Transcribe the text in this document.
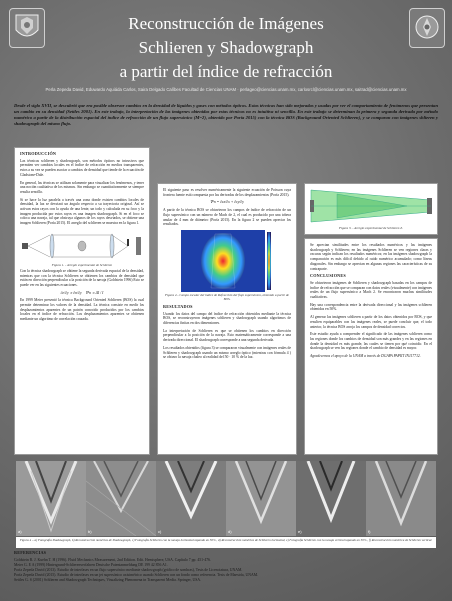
Reconstrucción de Imágenes
Schlieren y Shadowgraph
a partir del índice de refracción
Perla Zepeda David, Eduwardo Aquiáda Carlos, Saira Delgado Calíbes Facultad de Ciencias UNAM · perlageo@ciencias.unam.mx, carlosrcl@ciencias.unam.mx, saitrad@ciencias.unam.mx
Desde el siglo XVII, se descubrió que era posible observar cambios en la densidad de líquidos y gases con métodos ópticos. Estas técnicas han sido mejoradas y usadas por ver el comportamiento de fenómenos que presentan un cambio en su densidad (Settles 2001). En este trabajo, la interpretación de las imágenes obtenidas por estas técnicas no es intuitiva ni sencilla. En este trabajo se determinan la primera y segunda derivada por método numérico a partir de la distribución espacial del índice de refracción de un flujo supersónico (M=2), obtenido por Poría 2015) con la técnica BOS (Background Oriented Schlieren), y se comparan con imágenes shlieren y shadowgraph del mismo flujo.
INTRODUCCIÓN

Las técnicas schlieren y shadowgraph, son métodos ópticos no intrusivos que permiten ver cambios locales en el índice de refracción en medios transparentes, estos a su vez se pueden asociar a cambios de densidad que tiende de la ecuación de Gladstone-Dale.

En general, las técnicas se utilizan solamente para visualizar los fenómenos, y tener una noción cualitativa de los mismos. Sin embargo se cuantitativamente se siempre resulta sencillo.

Si se hace la luz paralela a través una zona donde existen cambios locales de densidad, la luz se desviará un ángulo respecto a su trayectoria original. Así se activan estos rayos con la ayuda de una lente, un todo y calculada en su foco y la imagen producida por estos rayos es una imagen shadowgraph. Si en el foco se coloca una navaja, tal que obstruya algunos de los rayos desviados, se obtiene una imagen Schlieren (Poría 2015). El arreglo del schlieren se muestra en la figura 1.

Figura 1. - Arreglo experimental de Schlieren

Con la técnica shadowgraph se obtiene la segunda derivada espacial de la densidad, mientras que con la técnica Schlieren se obtienen los cambios de densidad que están en dirección perpendicular a la posición de la navaja (Goldstein 1996) Esto se puede ver en las siguientes ecuaciones.

∂ε/∂y ∝ ∂n/∂y ∇²n ∝ ΔI / I

En 1999 Meier presentó la técnica Background Oriented Schlieren (BOS) la cual permite determinar los valores de la densidad. La técnica consiste en medir los desplazamientos aparentes de un patrón conocido producidos por los cambios locales en el índice de refracción. Los desplazamientos aparentes se obtienen mediante un algoritmo de correlación cruzada.

El siguiente paso es resolver numéricamente la siguiente ecuación de Poisson cuya frontera fuente está compuesta por las derivadas de los desplazamientos (Poría 2015).

∇²n = ∂εx/∂x + ∂εy/∂y

A partir de la técnica BOS se obtuvieron los campos de índice de refracción de un flujo supersónico con un número de Mach de 2, el cual es producido por una tobera anular de 4 mm de diámetro (Poría 2015). En la figura 2 se pueden apreciar los resultados.

Figura 2.- Campo escalar del índice de Refracción del flujo supersónico, obtenido a partir de BOS.
RESULTADOS

Usando los datos del campo del índice de refracción obtenidos mediante la técnica BOS, se reconstruyeron imágenes schlieren y shadowgraph usando algoritmos de diferencias finitas en dos dimensiones.

La interpretación de Schlieren es que se obtienen los cambios en dirección perpendicular a la posición de la navaja. Esto matemáticamente corresponde a una derivada direccional. El shadowgraph corresponde a una segunda derivada.

Los resultados obtenidos (figura 3) se compararon visualmente con imágenes reales de Schlieren y shadowgraph usando un mismo arreglo óptico (mientras con fórmula 4 ) se obtuvo la navaja chaleo al realidad del 50 · 10 % de la luz.

Figura 3. - Arreglo experimental de Schlieren Z.

Se aprecian similitudes entre los resultados numéricos y las imágenes shadowgraph y Schlieren; en las imágenes Schlieren se ven regiones claras y oscuras según indican los resultados numéricos; en las imágenes shadowgraph la comparación es más difícil debido al ruido numérico acumulado; como líneas diagonales. Sin embargo se aprecian en algunas regiones las características de su contraparte.

CONCLUSIONES

Se obtuvieron imágenes de Schlieren y shadowgraph basadas en los campos de índice de refracción que se comparan con datos reales (visualmente) con imágenes reales de un flujo supersónico a Mach 2. Se encontraron muchas similitudes cualitativas.

Hay una correspondencia entre la derivada direccional y las imágenes schlieren obtenidas en 50%.

Al generar las imágenes schlieren a partir de los datos obtenidos por BOS, y que resulten equiparables con las imágenes reales, se puede concluir que, el todo anterior, la técnica BOS arroja los campos de densidad correctos.

Este estudio ayuda a comprender el significado de las imágenes schlieren como las regiones donde los cambios de densidad son más grandes y en las regiones en donde la densidad es más grande, las cuales se tienen por qué coincidir. En el shadowgraph se ven las regiones donde el cambio de densidad es mayor.

Agradecemos el apoyo de la UNAM a través de DGAPA PAPIIT IN117712.

a)	b)	c)	d)	e)	f)
Figura 4 .- a) Fotografía Shadowgraph, b) Reconstrucción numérica de Shadowgraph, c) Fotografía Schlieren con la navaja horizontal tapando un 50% , d) Reconstrucción numérica de Schlieren horizontal, e) Fotografía Schlieren con la navaja vertical tapando un 50% , f) Reconstrucción numérica de Schlieren vertical.
REFERENCIAS
Goldstein R. J. Kuehn T. H (1996). Fluid Mechanics Measurement, 2nd Edition. Edit. Hemisphere, USA. Capítulo 7 pp. 451-476.
Meier G. E A (1999) Hintergrund-Schlierenverfahren Deutsche Patentanmeldung DE 199 42 856 A1.
Poría Zepeda David (2013). Estudio de interfases en un flujo supersónico mediante shadowgraph (gráfico de sombras), Tesis de Licenciatura, UNAM.
Poría Zepeda David (2015). Estudio de interfases en un jet supersónico axisimétrico usando Schlieren con un fondo como referencia. Tesis de Maestría, UNAM.
Settles G. S (2001) Schlieren and Shadowgraph Techniques, Visualizing Phenomena in Transparent Media. Springer, USA.
